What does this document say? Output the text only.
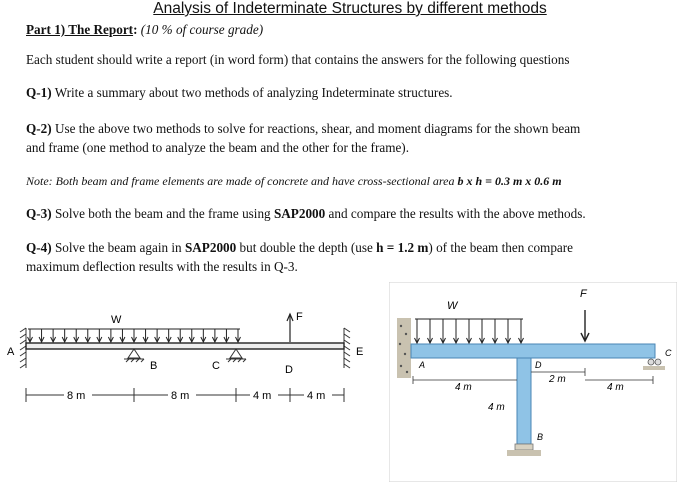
Analysis of Indeterminate Structures by different methods
Part 1) The Report: (10 % of course grade)
Each student should write a report (in word form) that contains the answers for the following questions
Q-1) Write a summary about two methods of analyzing Indeterminate structures.
Q-2) Use the above two methods to solve for reactions, shear, and moment diagrams for the shown beam
and frame (one method to analyze the beam and the other for the frame).
Note: Both beam and frame elements are made of concrete and have cross-sectional area b x h = 0.3 m x 0.6 m
Q-3) Solve both the beam and the frame using SAP2000 and compare the results with the above methods.
Q-4) Solve the beam again in SAP2000 but double the depth (use h = 1.2 m) of the beam then compare
maximum deflection results with the results in Q-3.
A	E
W	F
B	C	D
8 m	8 m	4 m	4 m
B
C
W
F
A	D
4 m
4 m
2 m
4 m
